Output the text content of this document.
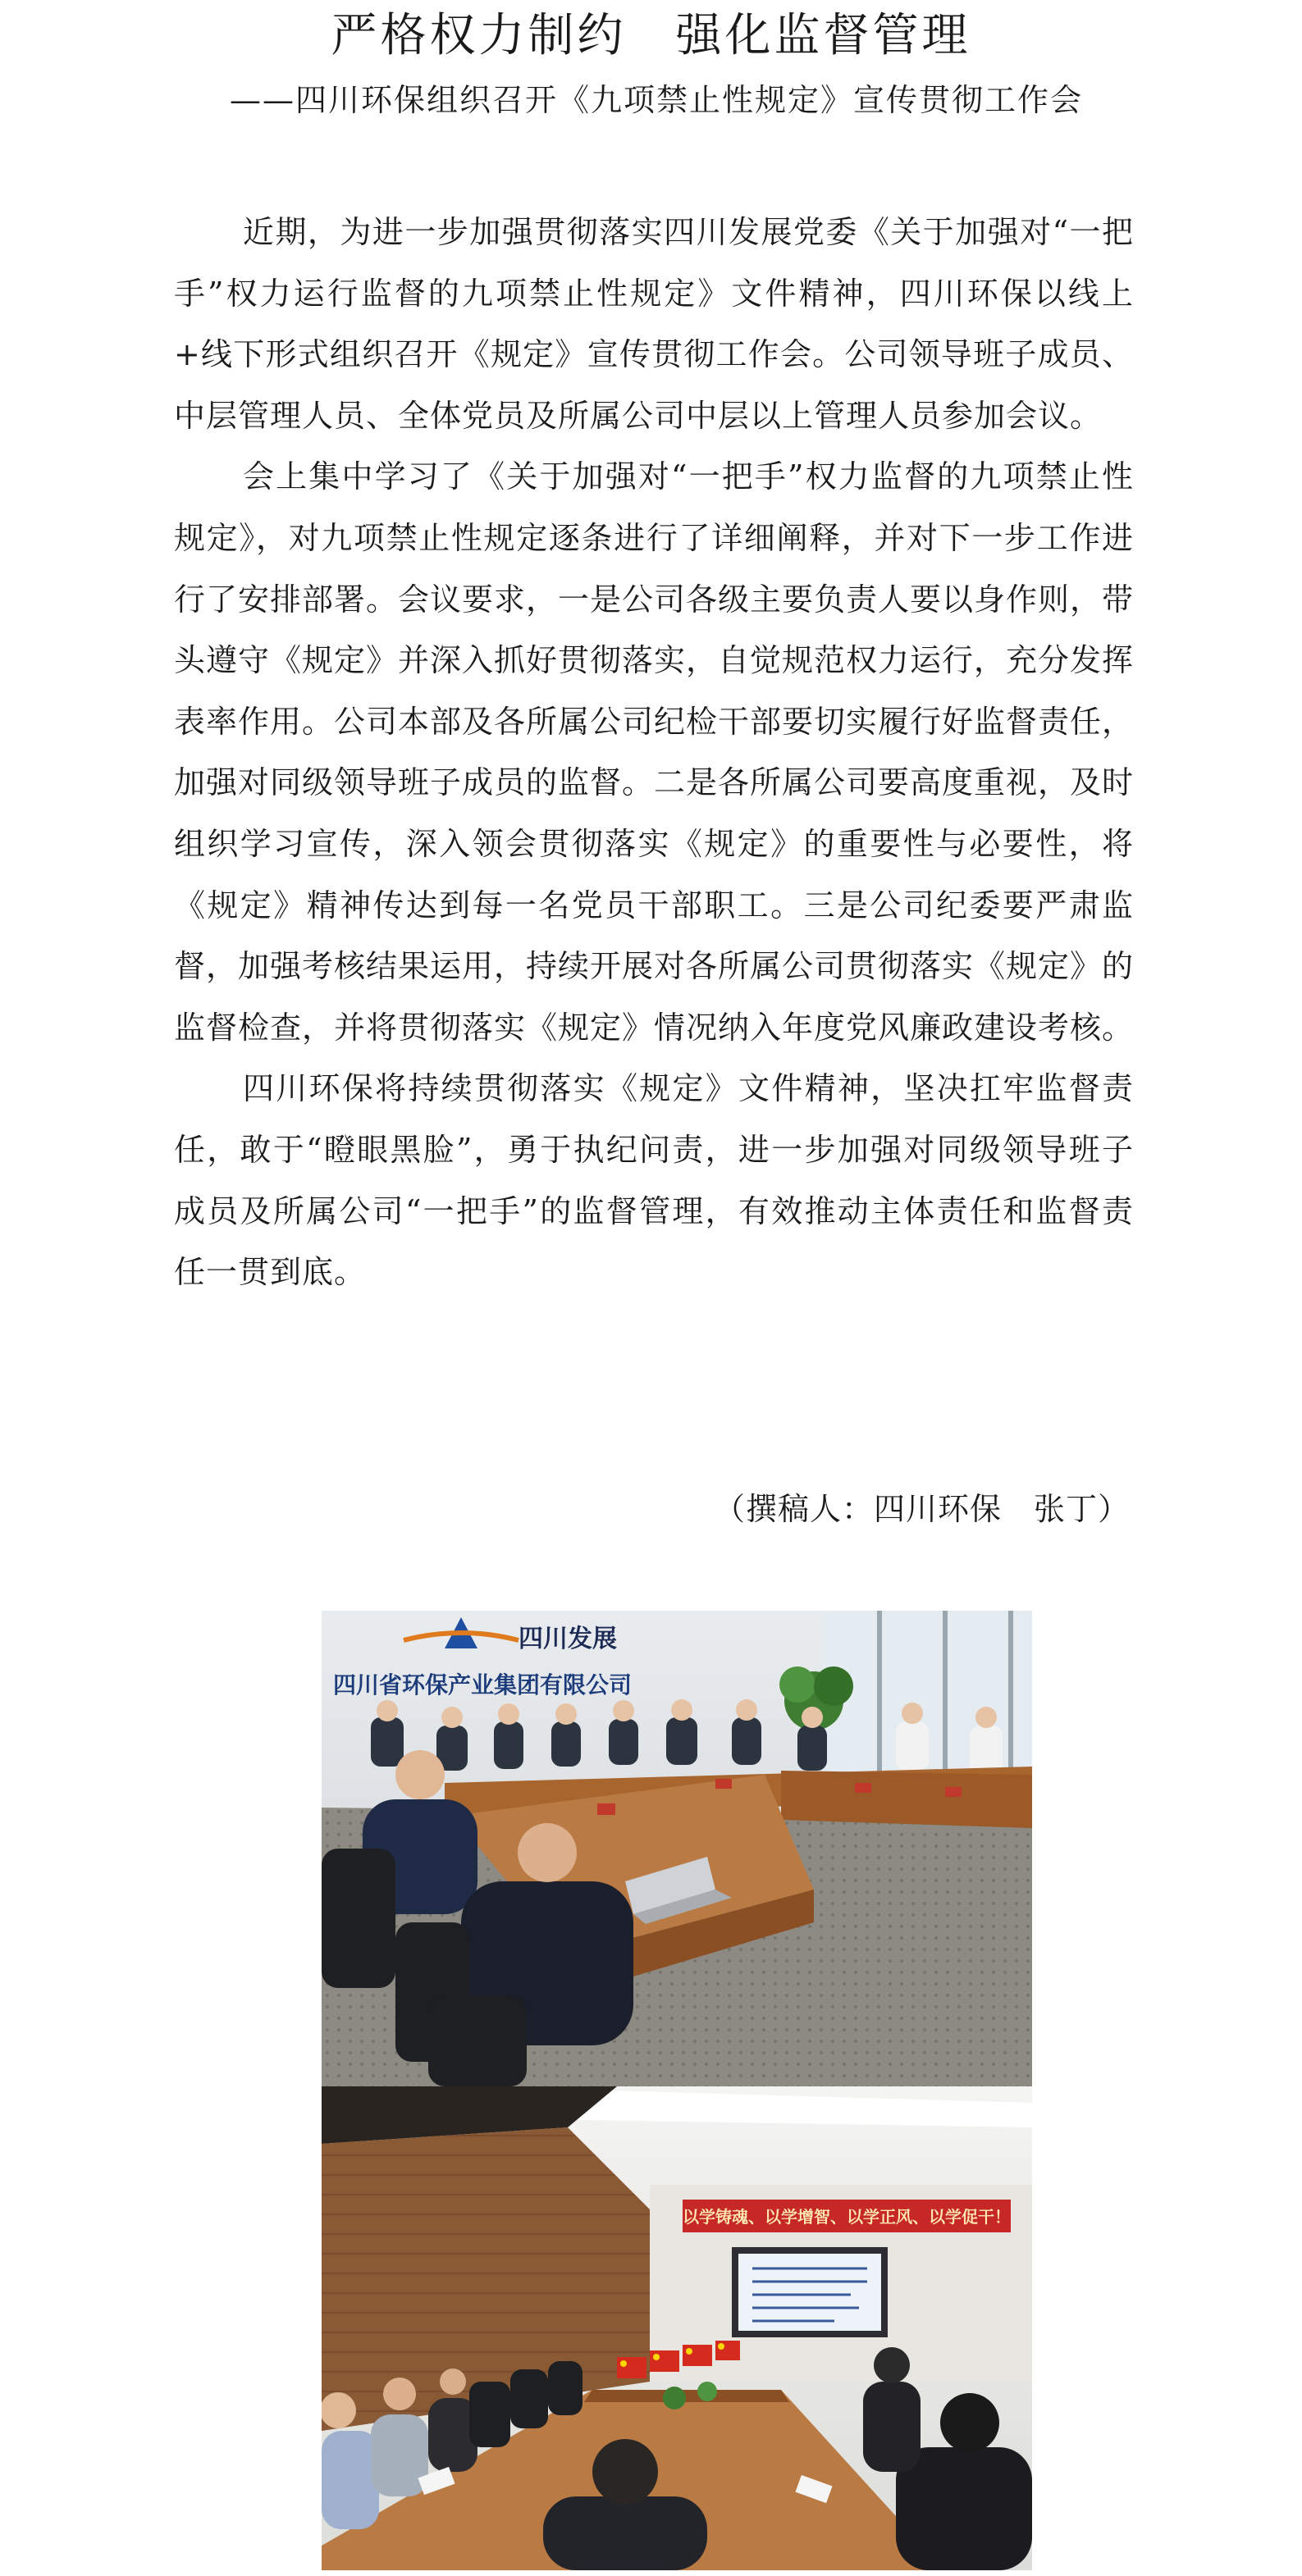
严格权力制约 强化监督管理
——四川环保组织召开《九项禁止性规定》宣传贯彻工作会

近期，为进一步加强贯彻落实四川发展党委《关于加强对“一把手”权力运行监督的九项禁止性规定》文件精神，四川环保以线上+线下形式组织召开《规定》宣传贯彻工作会。公司领导班子成员、中层管理人员、全体党员及所属公司中层以上管理人员参加会议。

会上集中学习了《关于加强对“一把手”权力监督的九项禁止性规定》，对九项禁止性规定逐条进行了详细阐释，并对下一步工作进行了安排部署。会议要求，一是公司各级主要负责人要以身作则，带头遵守《规定》并深入抓好贯彻落实，自觉规范权力运行，充分发挥表率作用。公司本部及各所属公司纪检干部要切实履行好监督责任，加强对同级领导班子成员的监督。二是各所属公司要高度重视，及时组织学习宣传，深入领会贯彻落实《规定》的重要性与必要性，将《规定》精神传达到每一名党员干部职工。三是公司纪委要严肃监督，加强考核结果运用，持续开展对各所属公司贯彻落实《规定》的监督检查，并将贯彻落实《规定》情况纳入年度党风廉政建设考核。

四川环保将持续贯彻落实《规定》文件精神，坚决扛牢监督责任，敢于“瞪眼黑脸”，勇于执纪问责，进一步加强对同级领导班子成员及所属公司“一把手”的监督管理，有效推动主体责任和监督责任一贯到底。

（撰稿人：四川环保　张丁）
四川发展
四川省环保产业集团有限公司
以学铸魂、以学增智、以学正风、以学促干！
